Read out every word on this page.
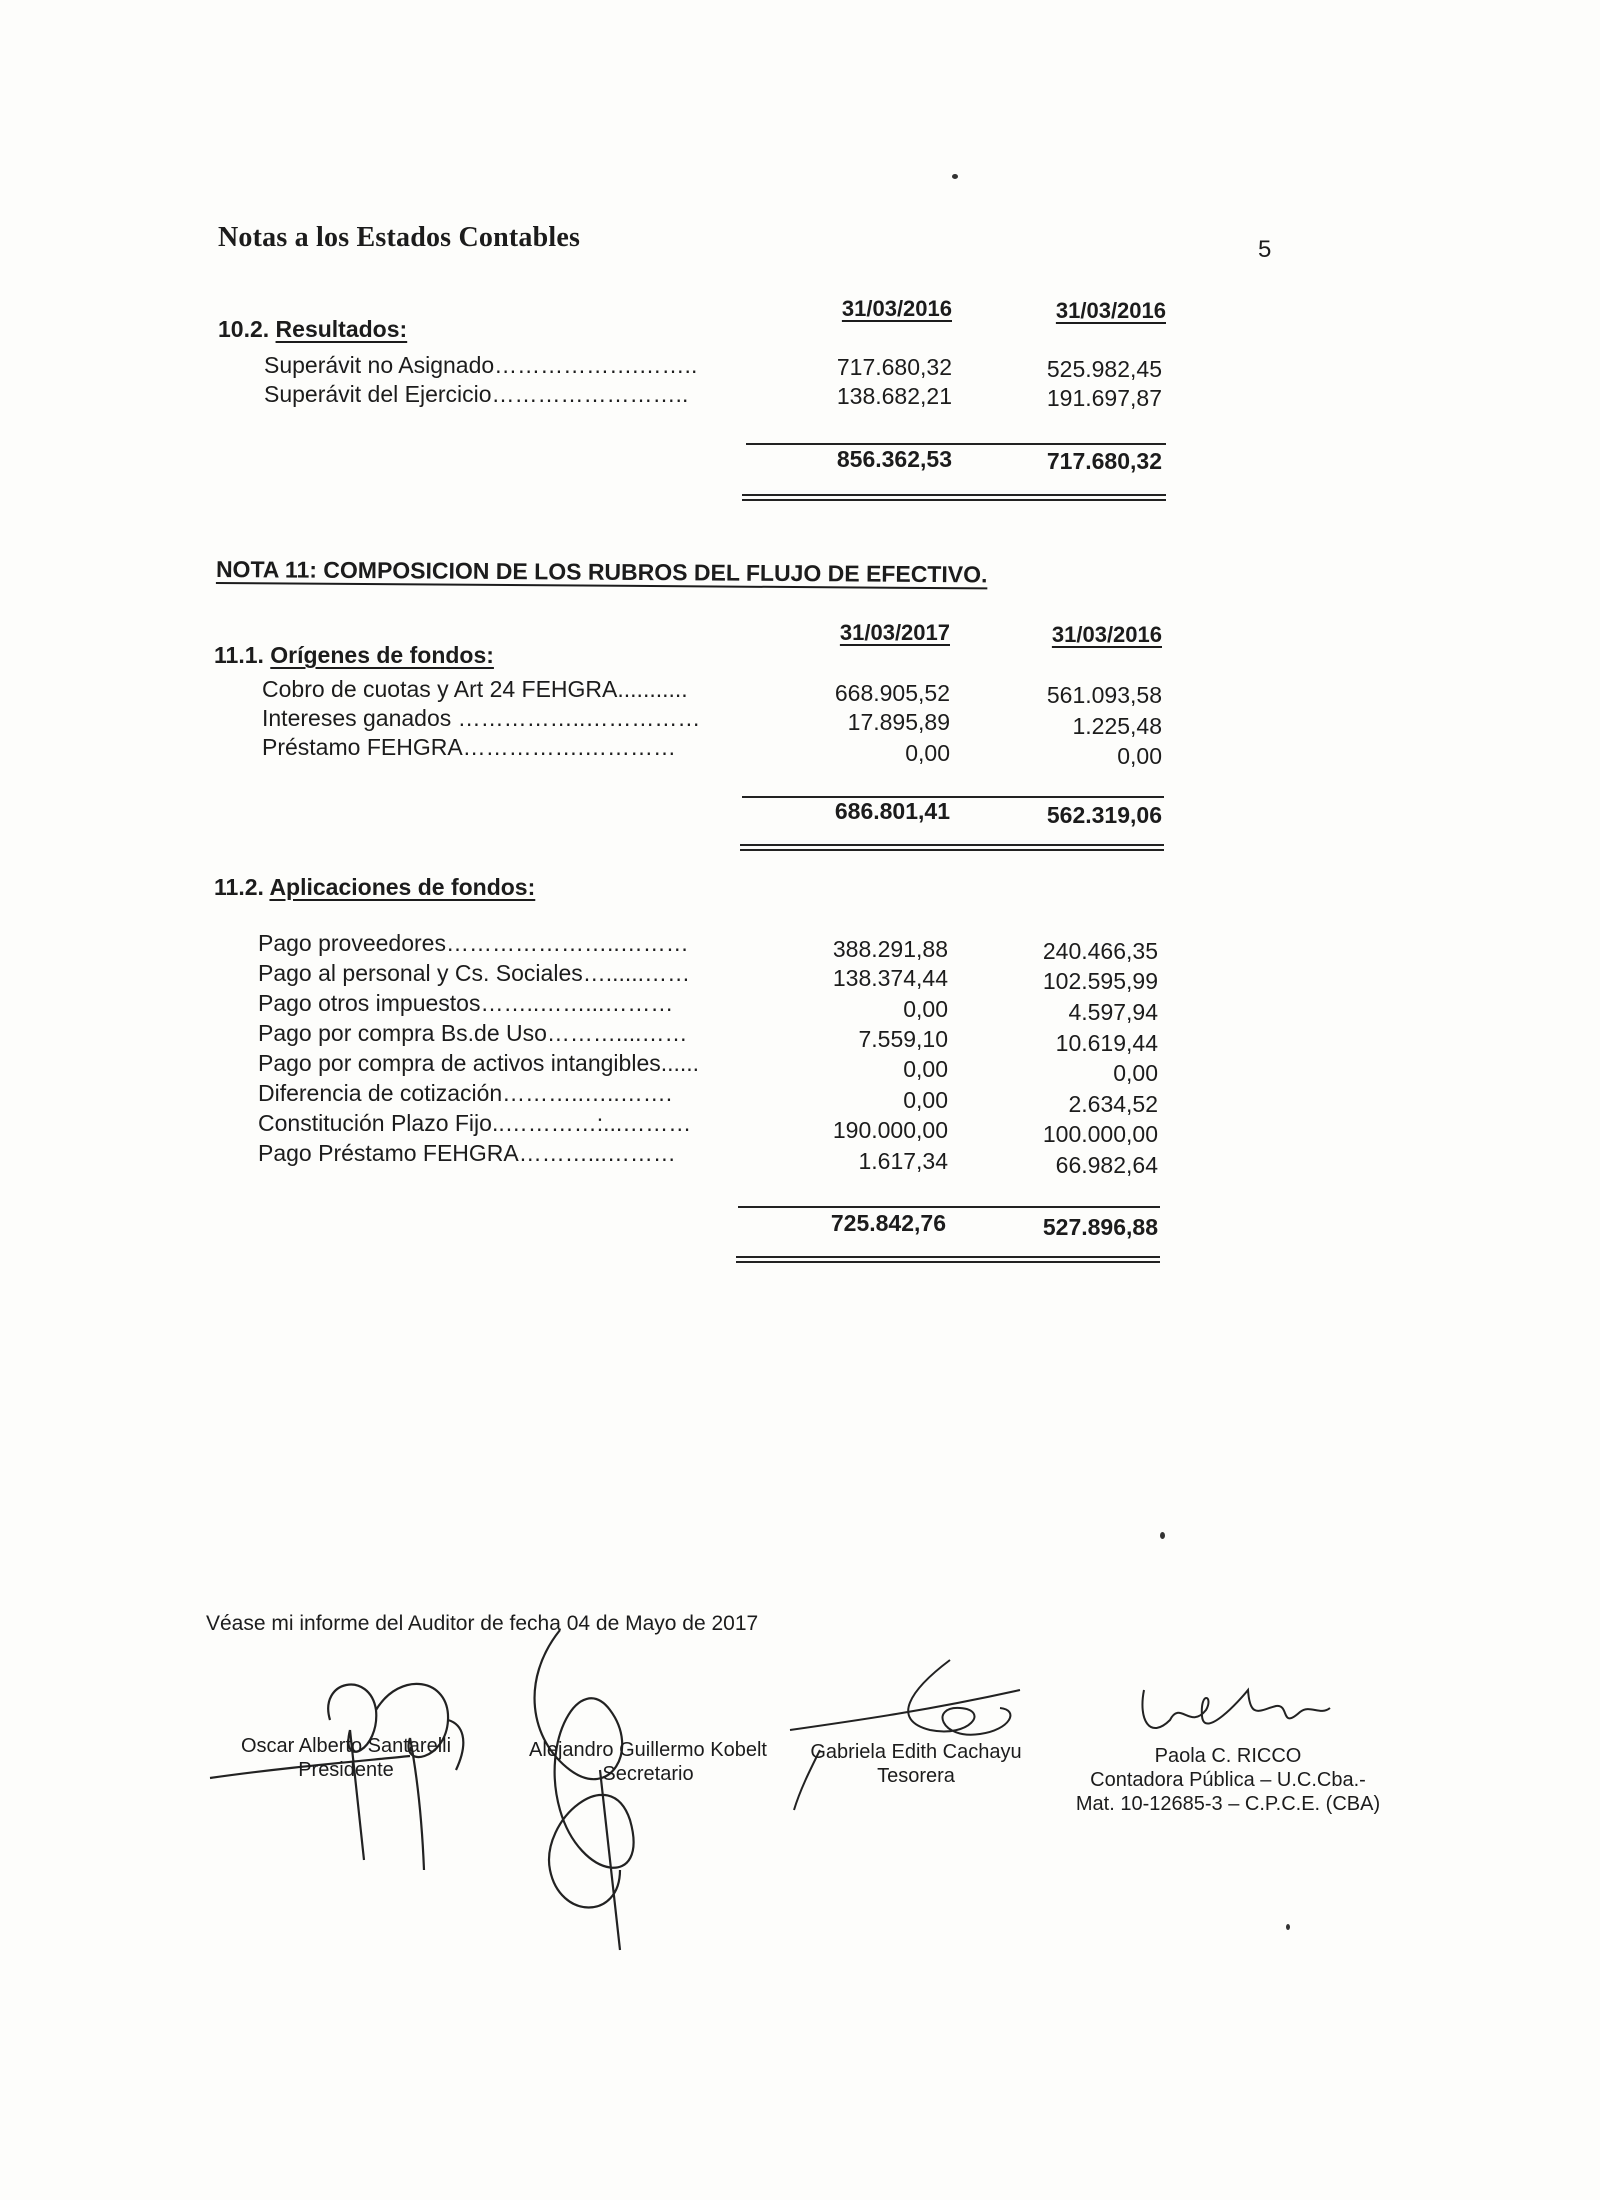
Notas a los Estados Contables	5
10.2. Resultados:
31/03/2016	31/03/2016
Superávit no Asignado……………….……..	717.680,32	525.982,45
Superávit del Ejercicio……………………..	138.682,21	191.697,87
856.362,53	717.680,32
NOTA 11: COMPOSICION DE LOS RUBROS DEL FLUJO DE EFECTIVO.
11.1. Orígenes de fondos:
31/03/2017	31/03/2016
Cobro de cuotas y Art 24 FEHGRA...........	668.905,52	561.093,58
Intereses ganados ……………..……………	17.895,89	1.225,48
Préstamo FEHGRA…………….…………	0,00	0,00
686.801,41	562.319,06
11.2. Aplicaciones de fondos:
Pago proveedores…………………..………	388.291,88	240.466,35
Pago al personal y Cs. Sociales…......……	138.374,44	102.595,99
Pago otros impuestos……..……...………	0,00	4.597,94
Pago por compra Bs.de Uso………....……	7.559,10	10.619,44
Pago por compra de activos intangibles......	0,00	0,00
Diferencia de cotización………..…..…….	0,00	2.634,52
Constitución Plazo Fijo..…………:...………	190.000,00	100.000,00
Pago Préstamo FEHGRA………...………	1.617,34	66.982,64
725.842,76	527.896,88
Véase mi informe del Auditor de fecha 04 de Mayo de 2017
Oscar Alberto Santarelli
Presidente
Alejandro Guillermo Kobelt
Secretario
Gabriela Edith Cachayu
Tesorera
Paola C. RICCO
Contadora Pública – U.C.Cba.-
Mat. 10-12685-3 – C.P.C.E. (CBA)
